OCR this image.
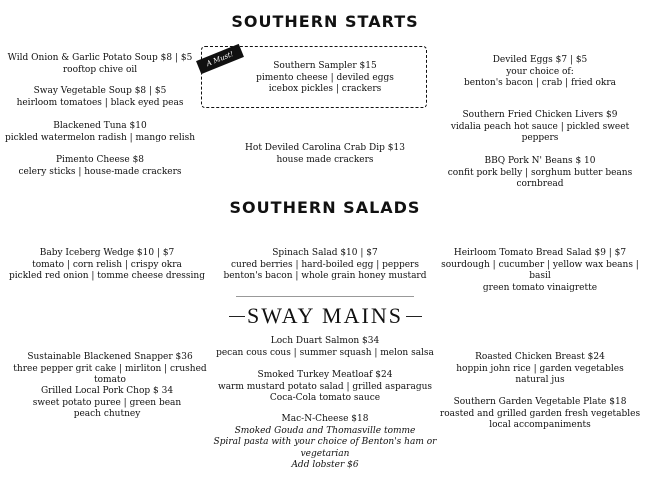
SOUTHERN STARTS
A Must!
Wild Onion & Garlic Potato Soup $8 | $5
rooftop chive oil
Sway Vegetable Soup $8 | $5
heirloom tomatoes | black eyed peas
Blackened Tuna $10
pickled watermelon radish | mango relish
Pimento Cheese $8
celery sticks | house-made crackers
Southern Sampler $15
pimento cheese | deviled eggs
icebox pickles | crackers
Hot Deviled Carolina Crab Dip $13
house made crackers
Deviled Eggs $7 | $5
your choice of:
benton's bacon | crab | fried okra
Southern Fried Chicken Livers $9
vidalia peach hot sauce | pickled sweet
peppers
BBQ Pork N' Beans $ 10
confit pork belly | sorghum butter beans
cornbread
SOUTHERN SALADS
Baby Iceberg Wedge $10 | $7
tomato | corn relish | crispy okra
pickled red onion | tomme cheese dressing
Spinach Salad $10 | $7
cured berries | hard-boiled egg | peppers
benton's bacon | whole grain honey mustard
Heirloom Tomato Bread Salad $9 | $7
sourdough | cucumber | yellow wax beans | basil
green tomato vinaigrette
SWAY MAINS
Sustainable Blackened Snapper $36
three pepper grit cake | mirliton | crushed tomato
Grilled Local Pork Chop $ 34
sweet potato puree | green bean
peach chutney
Loch Duart Salmon $34
pecan cous cous | summer squash | melon salsa
Smoked Turkey Meatloaf $24
warm mustard potato salad | grilled asparagus
Coca-Cola tomato sauce
Mac-N-Cheese $18
Smoked Gouda and Thomasville tomme
Spiral pasta with your choice of Benton's ham or
vegetarian
Add lobster $6
Roasted Chicken Breast $24
hoppin john rice | garden vegetables
natural jus
Southern Garden Vegetable Plate $18
roasted and grilled garden fresh vegetables
local accompaniments
